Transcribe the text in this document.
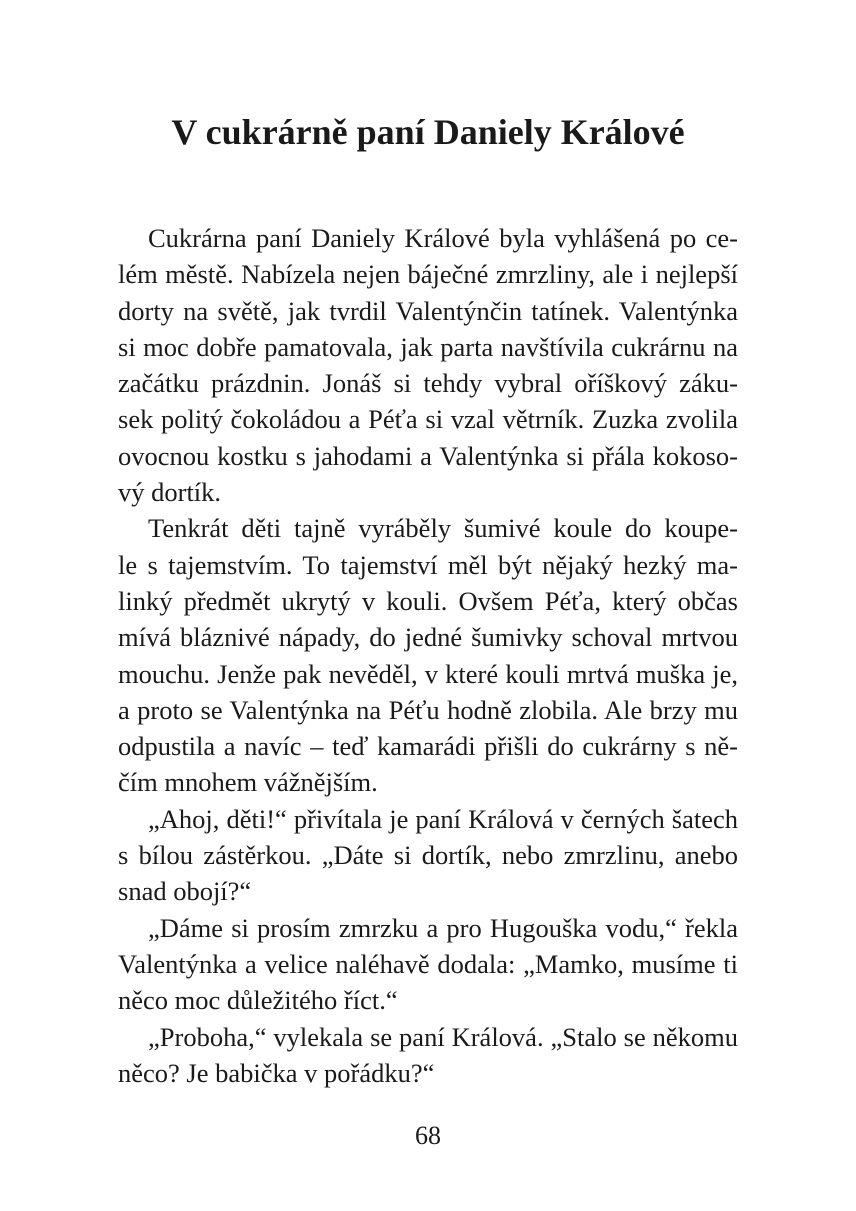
V cukrárně paní Daniely Králové
Cukrárna paní Daniely Králové byla vyhlášená po ce-
lém městě. Nabízela nejen báječné zmrzliny, ale i nejlepší
dorty na světě, jak tvrdil Valentýnčin tatínek. Valentýnka
si moc dobře pamatovala, jak parta navštívila cukrárnu na
začátku prázdnin. Jonáš si tehdy vybral oříškový záku-
sek politý čokoládou a Péťa si vzal větrník. Zuzka zvolila
ovocnou kostku s jahodami a Valentýnka si přála kokoso-
vý dortík.
Tenkrát děti tajně vyráběly šumivé koule do koupe-
le s tajemstvím. To tajemství měl být nějaký hezký ma-
linký předmět ukrytý v kouli. Ovšem Péťa, který občas
mívá bláznivé nápady, do jedné šumivky schoval mrtvou
mouchu. Jenže pak nevěděl, v které kouli mrtvá muška je,
a proto se Valentýnka na Péťu hodně zlobila. Ale brzy mu
odpustila a navíc – teď kamarádi přišli do cukrárny s ně-
čím mnohem vážnějším.
„Ahoj, děti!“ přivítala je paní Králová v černých šatech
s bílou zástěrkou. „Dáte si dortík, nebo zmrzlinu, anebo
snad obojí?“
„Dáme si prosím zmrzku a pro Hugouška vodu,“ řekla
Valentýnka a velice naléhavě dodala: „Mamko, musíme ti
něco moc důležitého říct.“
„Proboha,“ vylekala se paní Králová. „Stalo se někomu
něco? Je babička v pořádku?“
68
